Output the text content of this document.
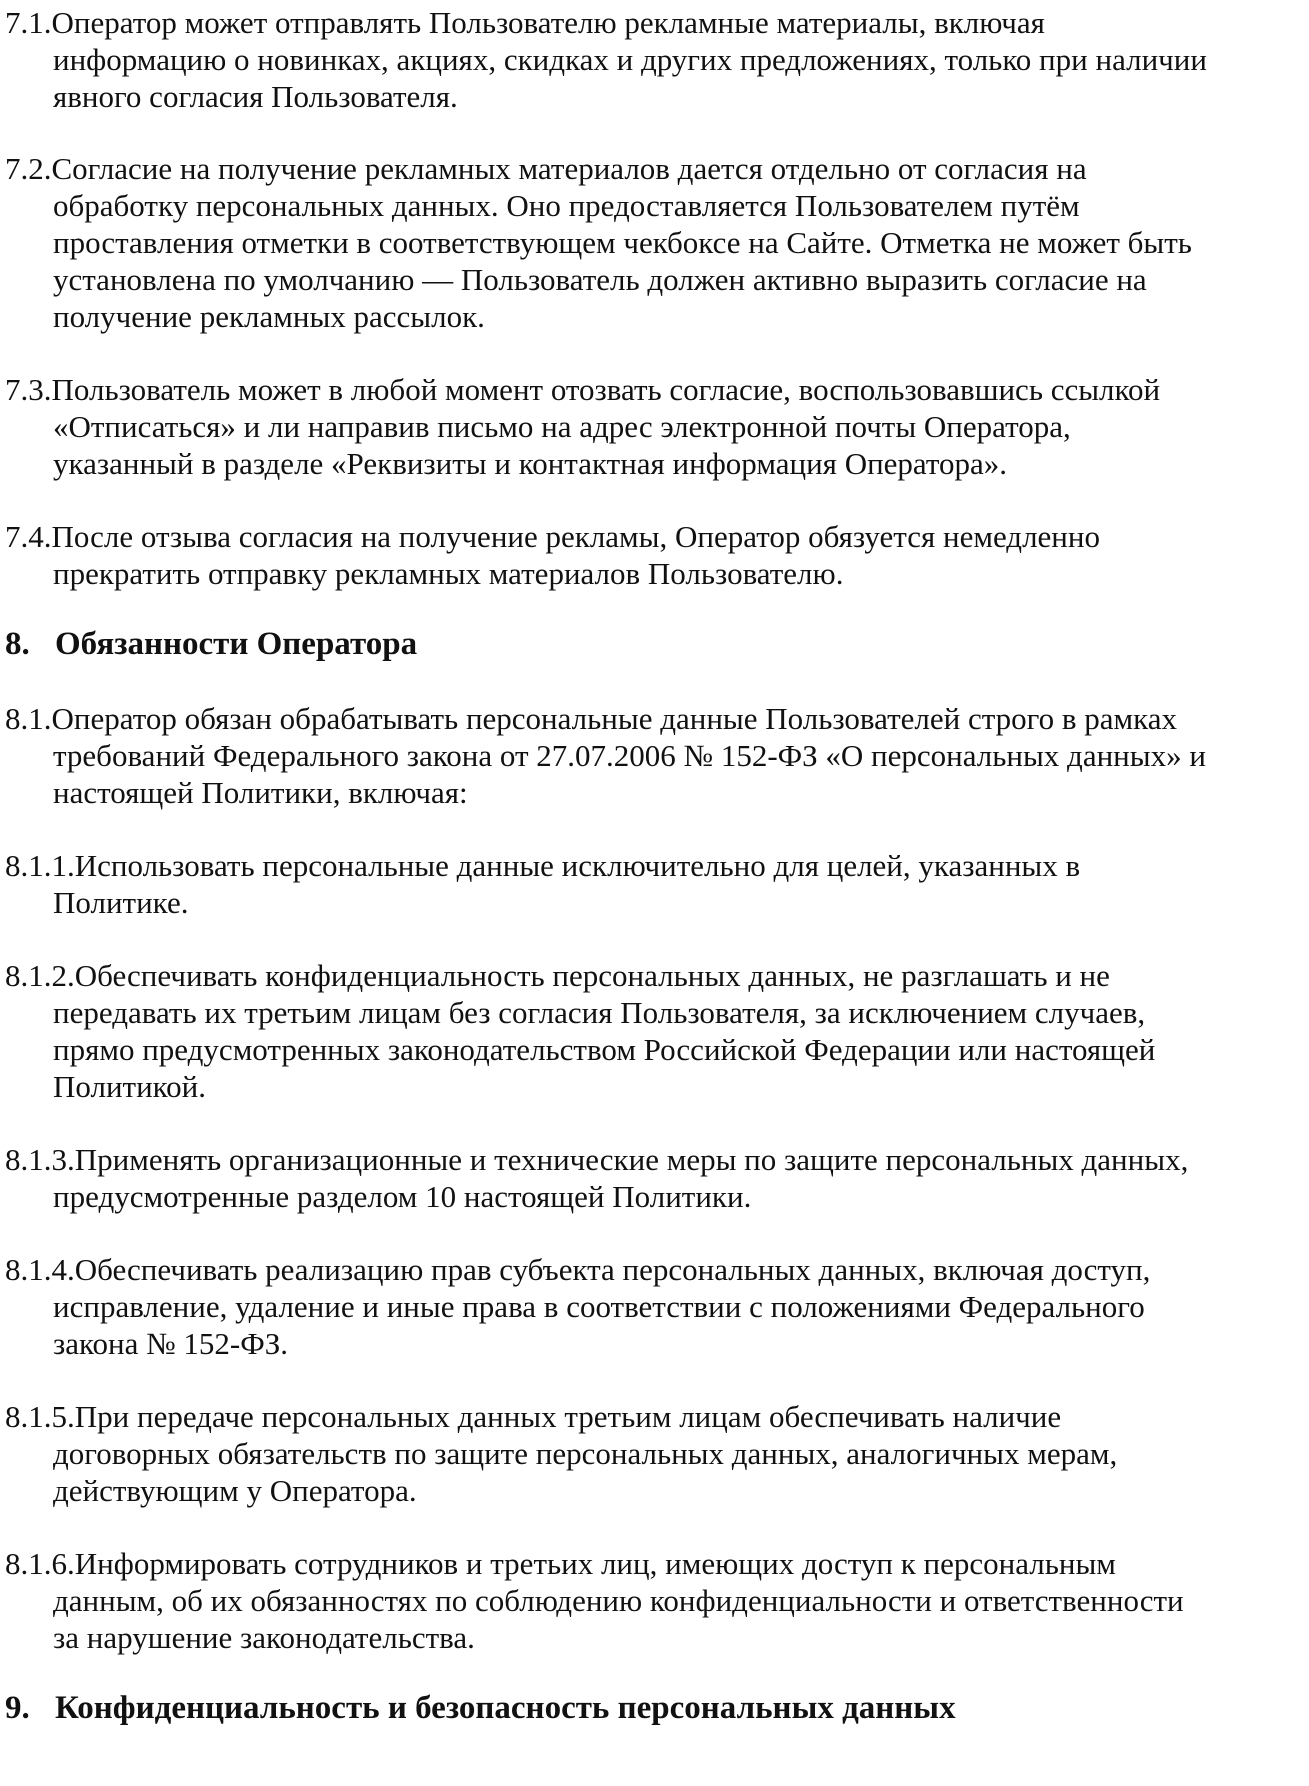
7.1.Оператор может отправлять Пользователю рекламные материалы, включая
информацию о новинках, акциях, скидках и других предложениях, только при наличии
явного согласия Пользователя.
7.2.Согласие на получение рекламных материалов дается отдельно от согласия на
обработку персональных данных. Оно предоставляется Пользователем путём
проставления отметки в соответствующем чекбоксе на Сайте. Отметка не может быть
установлена по умолчанию — Пользователь должен активно выразить согласие на
получение рекламных рассылок.
7.3.Пользователь может в любой момент отозвать согласие, воспользовавшись ссылкой
«Отписаться» и ли направив письмо на адрес электронной почты Оператора,
указанный в разделе «Реквизиты и контактная информация Оператора».
7.4.После отзыва согласия на получение рекламы, Оператор обязуется немедленно
прекратить отправку рекламных материалов Пользователю.
8. Обязанности Оператора
8.1.Оператор обязан обрабатывать персональные данные Пользователей строго в рамках
требований Федерального закона от 27.07.2006 № 152-ФЗ «О персональных данных» и
настоящей Политики, включая:
8.1.1.Использовать персональные данные исключительно для целей, указанных в
Политике.
8.1.2.Обеспечивать конфиденциальность персональных данных, не разглашать и не
передавать их третьим лицам без согласия Пользователя, за исключением случаев,
прямо предусмотренных законодательством Российской Федерации или настоящей
Политикой.
8.1.3.Применять организационные и технические меры по защите персональных данных,
предусмотренные разделом 10 настоящей Политики.
8.1.4.Обеспечивать реализацию прав субъекта персональных данных, включая доступ,
исправление, удаление и иные права в соответствии с положениями Федерального
закона № 152-ФЗ.
8.1.5.При передаче персональных данных третьим лицам обеспечивать наличие
договорных обязательств по защите персональных данных, аналогичных мерам,
действующим у Оператора.
8.1.6.Информировать сотрудников и третьих лиц, имеющих доступ к персональным
данным, об их обязанностях по соблюдению конфиденциальности и ответственности
за нарушение законодательства.
9. Конфиденциальность и безопасность персональных данных
